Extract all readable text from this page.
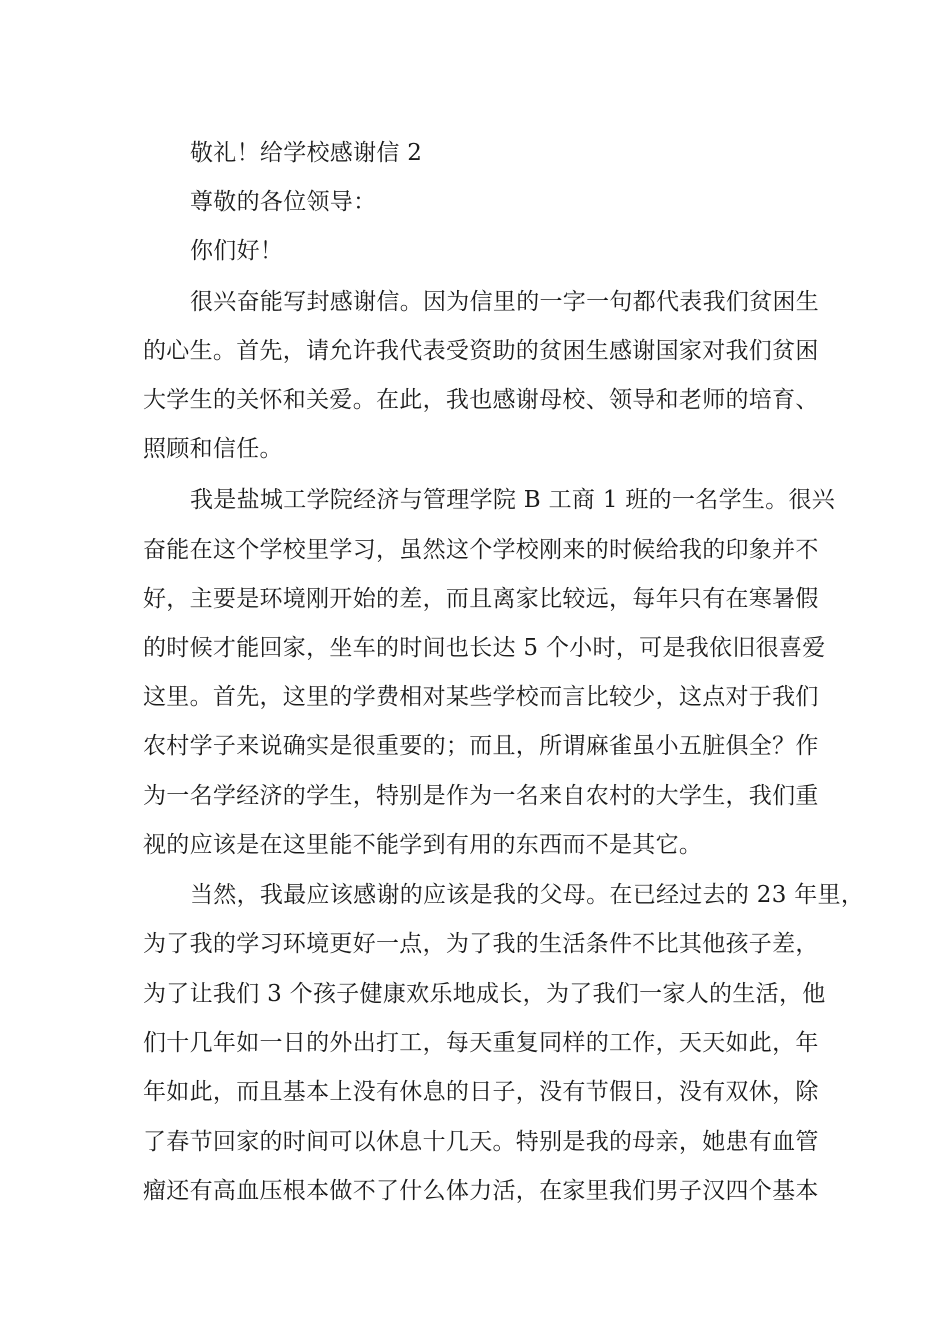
敬礼！给学校感谢信 2
尊敬的各位领导：
你们好！
很兴奋能写封感谢信。因为信里的一字一句都代表我们贫困生
的心生。首先，请允许我代表受资助的贫困生感谢国家对我们贫困
大学生的关怀和关爱。在此，我也感谢母校、领导和老师的培育、
照顾和信任。
我是盐城工学院经济与管理学院 B 工商 1 班的一名学生。很兴
奋能在这个学校里学习，虽然这个学校刚来的时候给我的印象并不
好，主要是环境刚开始的差，而且离家比较远，每年只有在寒暑假
的时候才能回家，坐车的时间也长达 5 个小时，可是我依旧很喜爱
这里。首先，这里的学费相对某些学校而言比较少，这点对于我们
农村学子来说确实是很重要的；而且，所谓麻雀虽小五脏俱全？作
为一名学经济的学生，特别是作为一名来自农村的大学生，我们重
视的应该是在这里能不能学到有用的东西而不是其它。
当然，我最应该感谢的应该是我的父母。在已经过去的 23 年里，
为了我的学习环境更好一点，为了我的生活条件不比其他孩子差，
为了让我们 3 个孩子健康欢乐地成长，为了我们一家人的生活，他
们十几年如一日的外出打工，每天重复同样的工作，天天如此，年
年如此，而且基本上没有休息的日子，没有节假日，没有双休，除
了春节回家的时间可以休息十几天。特别是我的母亲，她患有血管
瘤还有高血压根本做不了什么体力活，在家里我们男子汉四个基本
